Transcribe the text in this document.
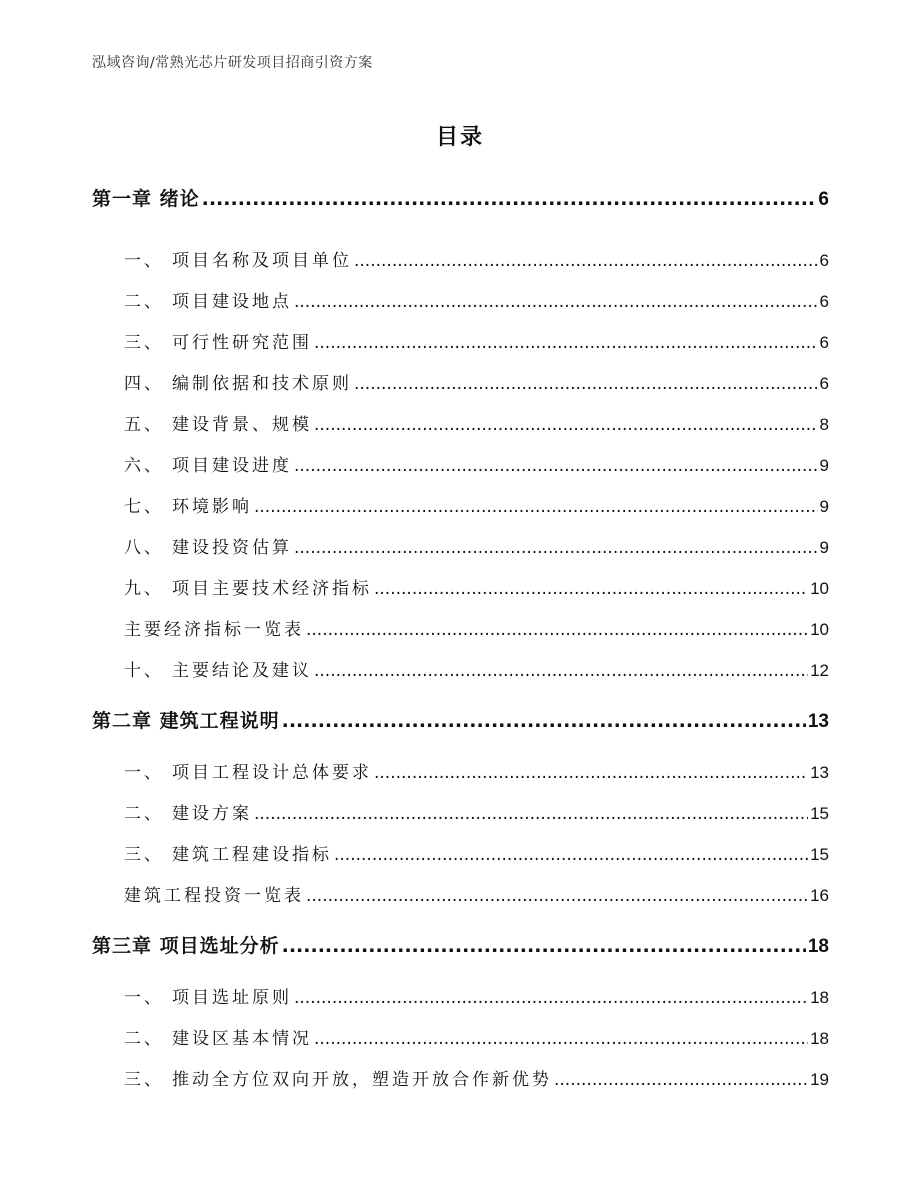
泓域咨询/常熟光芯片研发项目招商引资方案
目录
第一章 绪论 .....	6
一、 项目名称及项目单位 .....	6
二、 项目建设地点 .....	6
三、 可行性研究范围 .....	6
四、 编制依据和技术原则 .....	6
五、 建设背景、规模 .....	8
六、 项目建设进度 .....	9
七、 环境影响 .....	9
八、 建设投资估算 .....	9
九、 项目主要技术经济指标 .....	10
主要经济指标一览表 .....	10
十、 主要结论及建议 .....	12
第二章 建筑工程说明 .....	13
一、 项目工程设计总体要求 .....	13
二、 建设方案 .....	15
三、 建筑工程建设指标 .....	15
建筑工程投资一览表 .....	16
第三章 项目选址分析 .....	18
一、 项目选址原则 .....	18
二、 建设区基本情况 .....	18
三、 推动全方位双向开放，塑造开放合作新优势 .....	19
